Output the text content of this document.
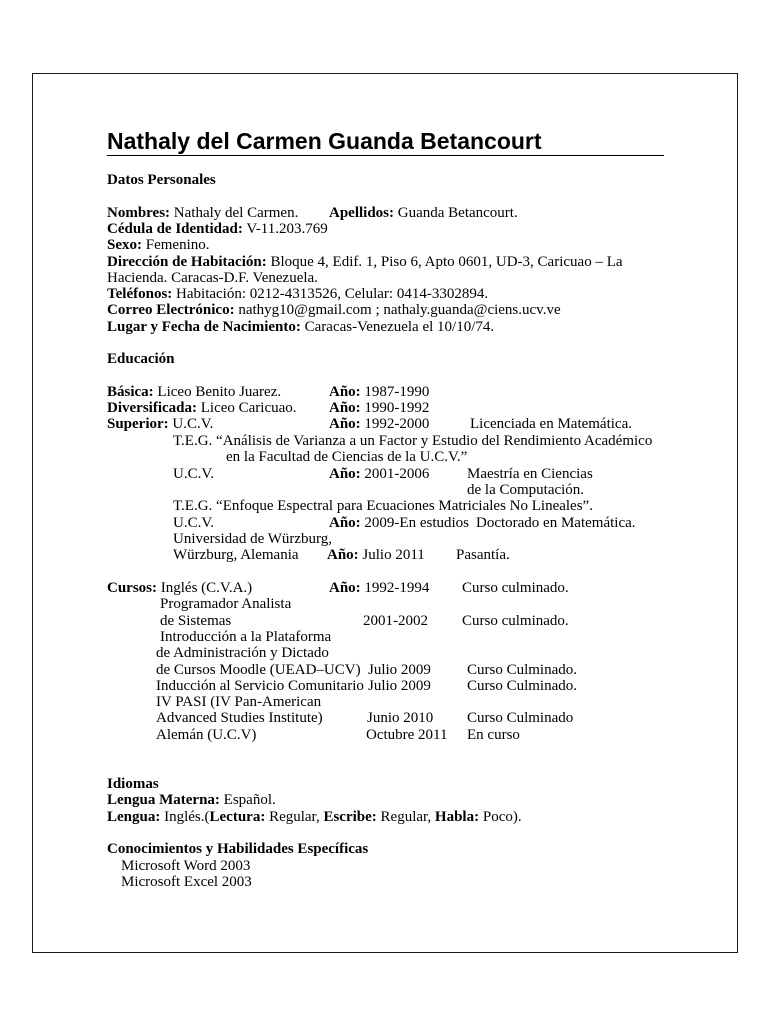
Nathaly del Carmen Guanda Betancourt
Datos Personales
Nombres: Nathaly del Carmen. Apellidos: Guanda Betancourt.
Cédula de Identidad: V-11.203.769
Sexo: Femenino.
Dirección de Habitación: Bloque 4, Edif. 1, Piso 6, Apto 0601, UD-3, Caricuao – La
Hacienda. Caracas-D.F. Venezuela.
Teléfonos: Habitación: 0212-4313526, Celular: 0414-3302894.
Correo Electrónico: nathyg10@gmail.com ; nathaly.guanda@ciens.ucv.ve
Lugar y Fecha de Nacimiento: Caracas-Venezuela el 10/10/74.
Educación
Básica: Liceo Benito Juarez.	Año: 1987-1990
Diversificada: Liceo Caricuao. Año: 1990-1992
Superior: U.C.V.	Año: 1992-2000	Licenciada en Matemática.
T.E.G. “Análisis de Varianza a un Factor y Estudio del Rendimiento Académico
en la Facultad de Ciencias de la U.C.V.”
U.C.V.	Año: 2001-2006	Maestría en Ciencias
de la Computación.
T.E.G. “Enfoque Espectral para Ecuaciones Matriciales No Lineales”.
U.C.V.	Año: 2009-En estudios Doctorado en Matemática.
Universidad de Würzburg,
Würzburg, Alemania Año: Julio 2011 Pasantía.
Cursos: Inglés (C.V.A.)	Año: 1992-1994 Curso culminado.
Programador Analista
de Sistemas	2001-2002 Curso culminado.
Introducción a la Plataforma
de Administración y Dictado
de Cursos Moodle (UEAD–UCV) Julio 2009 Curso Culminado.
Inducción al Servicio Comunitario Julio 2009 Curso Culminado.
IV PASI (IV Pan-American
Advanced Studies Institute)	Junio 2010 Curso Culminado
Alemán (U.C.V)	Octubre 2011 En curso
Idiomas
Lengua Materna: Español.
Lengua: Inglés.(Lectura: Regular, Escribe: Regular, Habla: Poco).
Conocimientos y Habilidades Específicas
Microsoft Word 2003
Microsoft Excel 2003
